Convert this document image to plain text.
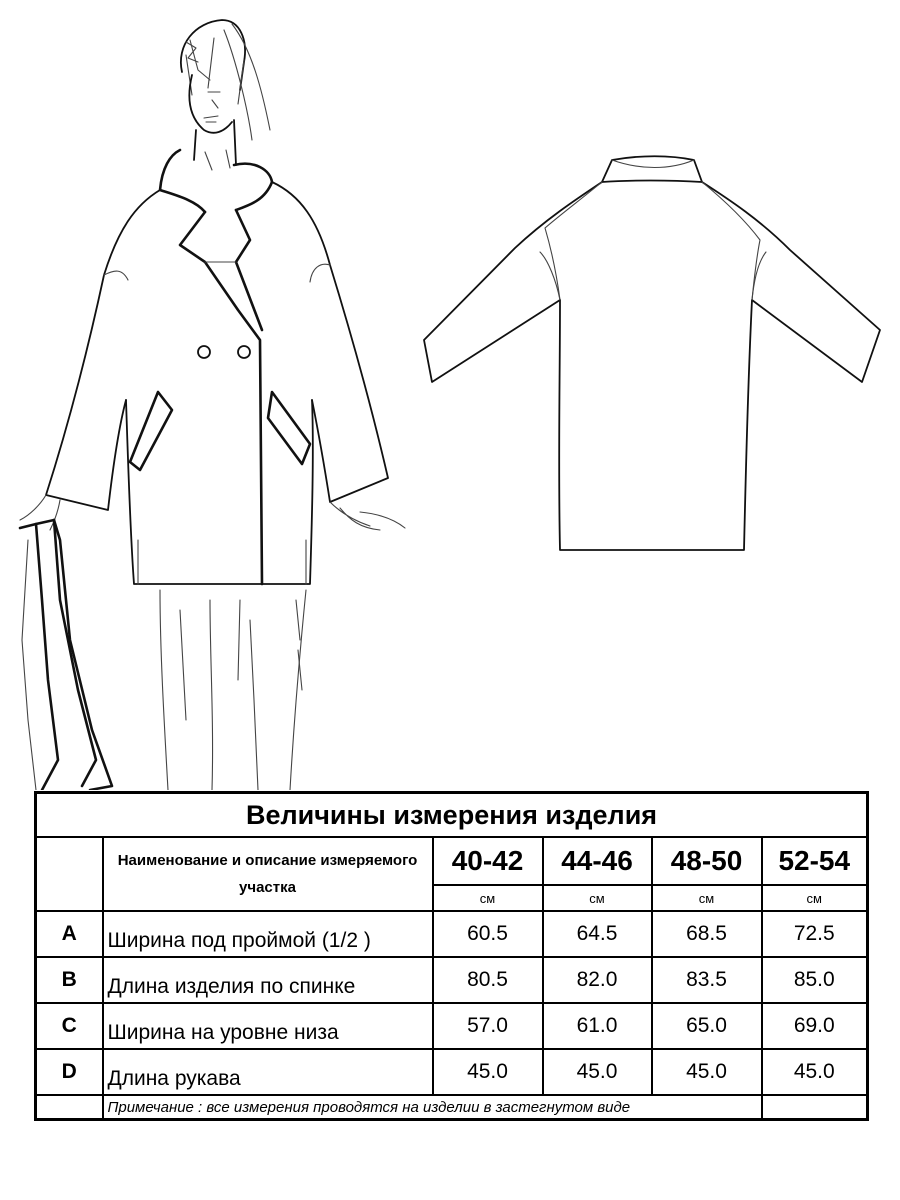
Величины измерения изделия					
	Наименование и описание измеряемого участка	40-42	44-46	48-50	52-54
		см	см	см	см
A	Ширина под проймой (1/2 )	60.5	64.5	68.5	72.5
B	Длина изделия по спинке	80.5	82.0	83.5	85.0
C	Ширина на уровне низа	57.0	61.0	65.0	69.0
D	Длина рукава	45.0	45.0	45.0	45.0
	Примечание : все измерения проводятся на изделии в застегнутом виде				
